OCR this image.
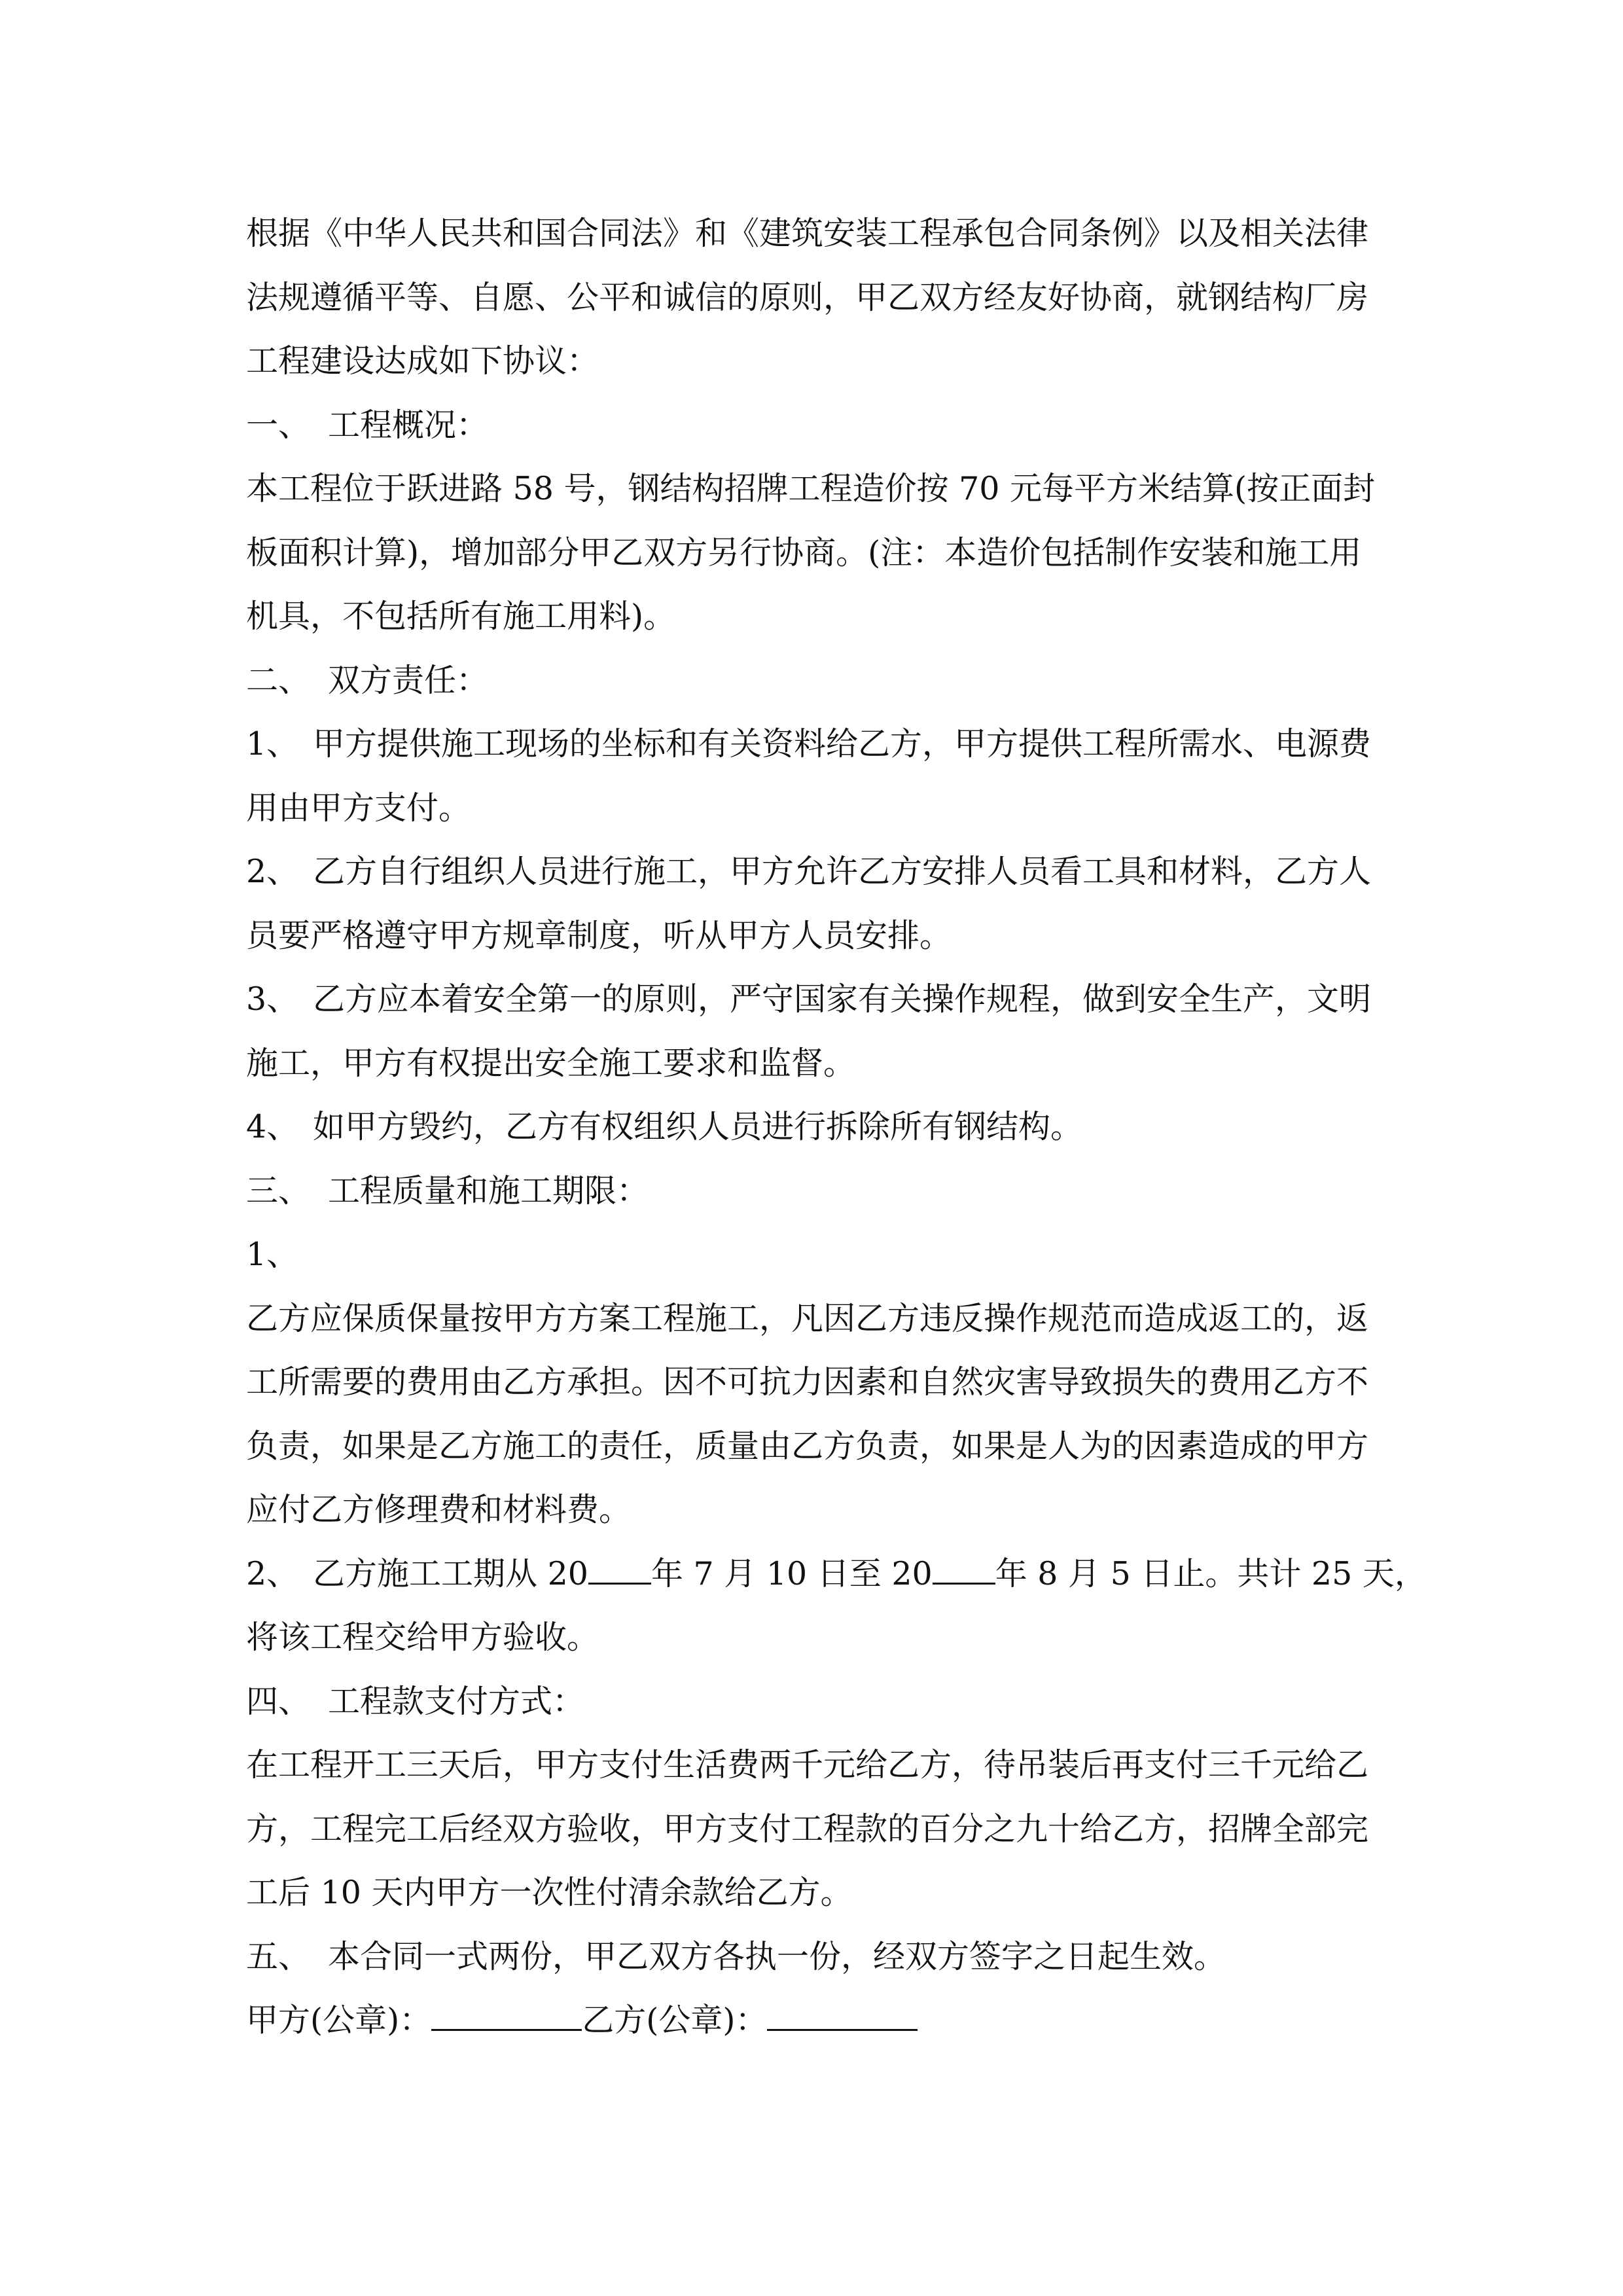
根据《中华人民共和国合同法》和《建筑安装工程承包合同条例》以及相关法律
法规遵循平等、自愿、公平和诚信的原则，甲乙双方经友好协商，就钢结构厂房
工程建设达成如下协议：
一、 工程概况：
本工程位于跃进路 58 号，钢结构招牌工程造价按 70 元每平方米结算(按正面封
板面积计算)，增加部分甲乙双方另行协商。(注：本造价包括制作安装和施工用
机具，不包括所有施工用料)。
二、 双方责任：
1、 甲方提供施工现场的坐标和有关资料给乙方，甲方提供工程所需水、电源费
用由甲方支付。
2、 乙方自行组织人员进行施工，甲方允许乙方安排人员看工具和材料，乙方人
员要严格遵守甲方规章制度，听从甲方人员安排。
3、 乙方应本着安全第一的原则，严守国家有关操作规程，做到安全生产，文明
施工，甲方有权提出安全施工要求和监督。
4、 如甲方毁约，乙方有权组织人员进行拆除所有钢结构。
三、 工程质量和施工期限：
1、
乙方应保质保量按甲方方案工程施工，凡因乙方违反操作规范而造成返工的，返
工所需要的费用由乙方承担。因不可抗力因素和自然灾害导致损失的费用乙方不
负责，如果是乙方施工的责任，质量由乙方负责，如果是人为的因素造成的甲方
应付乙方修理费和材料费。
2、 乙方施工工期从 20 年 7 月 10 日至 20 年 8 月 5 日止。共计 25 天，
将该工程交给甲方验收。
四、 工程款支付方式：
在工程开工三天后，甲方支付生活费两千元给乙方，待吊装后再支付三千元给乙
方，工程完工后经双方验收，甲方支付工程款的百分之九十给乙方，招牌全部完
工后 10 天内甲方一次性付清余款给乙方。
五、 本合同一式两份，甲乙双方各执一份，经双方签字之日起生效。
甲方(公章)：	乙方(公章)：
